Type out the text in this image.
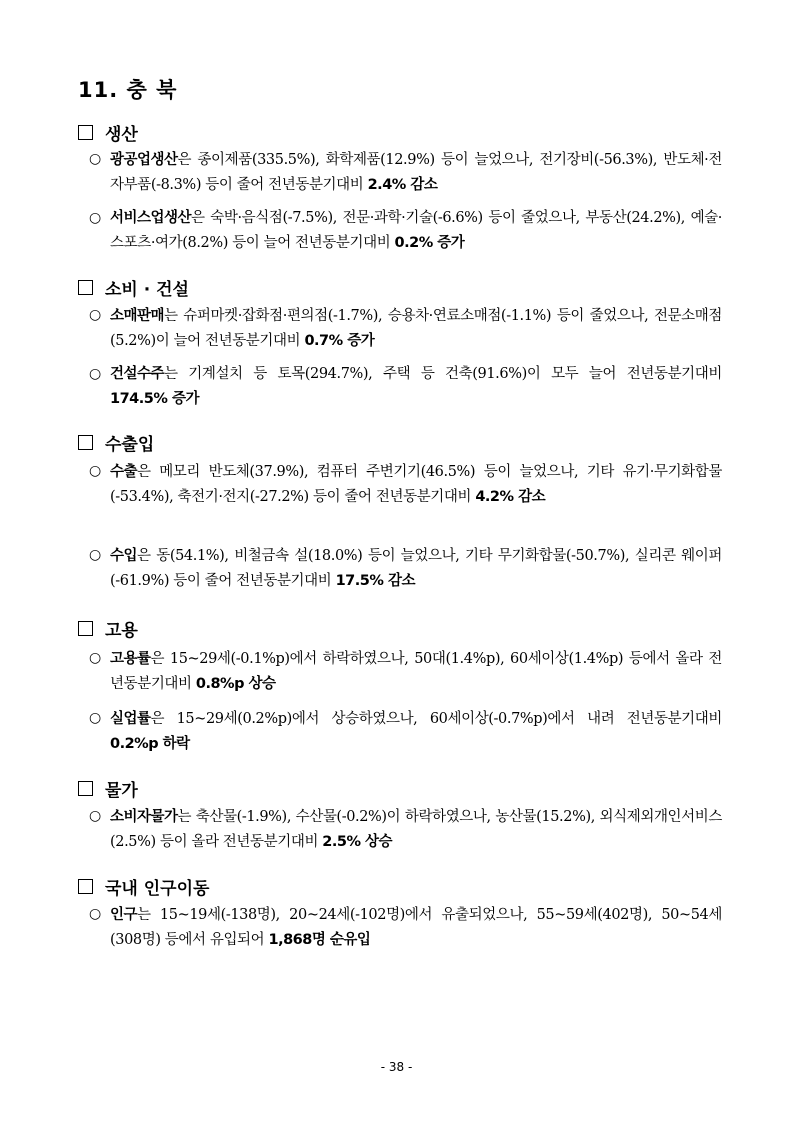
11. 충 북
생산
○ 광공업생산은 종이제품(335.5%), 화학제품(12.9%) 등이 늘었으나, 전기장비(-56.3%), 반도체·전자부품(-8.3%) 등이 줄어 전년동분기대비 2.4% 감소
○ 서비스업생산은 숙박·음식점(-7.5%), 전문·과학·기술(-6.6%) 등이 줄었으나, 부동산(24.2%), 예술·스포츠·여가(8.2%) 등이 늘어 전년동분기대비 0.2% 증가
소비 · 건설
○ 소매판매는 슈퍼마켓·잡화점·편의점(-1.7%), 승용차·연료소매점(-1.1%) 등이 줄었으나, 전문소매점(5.2%)이 늘어 전년동분기대비 0.7% 증가
○ 건설수주는 기계설치 등 토목(294.7%), 주택 등 건축(91.6%)이 모두 늘어 전년동분기대비 174.5% 증가
수출입
○ 수출은 메모리 반도체(37.9%), 컴퓨터 주변기기(46.5%) 등이 늘었으나, 기타 유기·무기화합물(-53.4%), 축전기·전지(-27.2%) 등이 줄어 전년동분기대비 4.2% 감소
○ 수입은 동(54.1%), 비철금속 설(18.0%) 등이 늘었으나, 기타 무기화합물(-50.7%), 실리콘 웨이퍼(-61.9%) 등이 줄어 전년동분기대비 17.5% 감소
고용
○ 고용률은 15~29세(-0.1%p)에서 하락하였으나, 50대(1.4%p), 60세이상(1.4%p) 등에서 올라 전년동분기대비 0.8%p 상승
○ 실업률은 15~29세(0.2%p)에서 상승하였으나, 60세이상(-0.7%p)에서 내려 전년동분기대비 0.2%p 하락
물가
○ 소비자물가는 축산물(-1.9%), 수산물(-0.2%)이 하락하였으나, 농산물(15.2%), 외식제외개인서비스(2.5%) 등이 올라 전년동분기대비 2.5% 상승
국내 인구이동
○ 인구는 15~19세(-138명), 20~24세(-102명)에서 유출되었으나, 55~59세(402명), 50~54세(308명) 등에서 유입되어 1,868명 순유입
- 38 -
